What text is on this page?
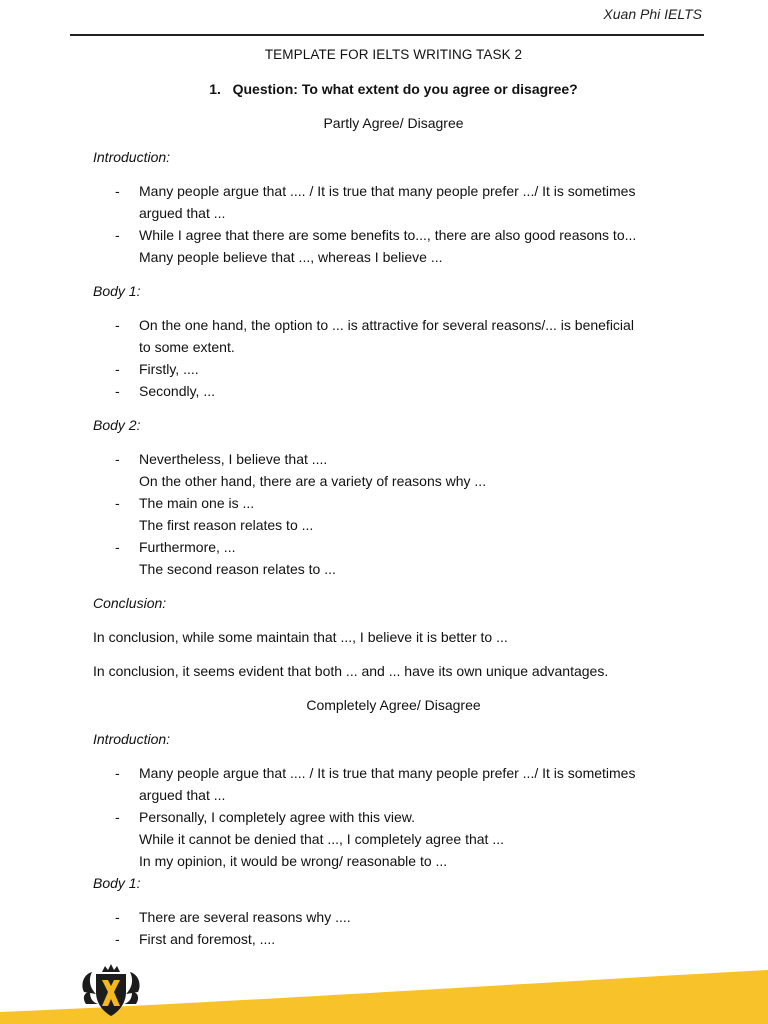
Xuan Phi IELTS
TEMPLATE FOR IELTS WRITING TASK 2
1. Question: To what extent do you agree or disagree?
Partly Agree/ Disagree
Introduction:
- Many people argue that .... / It is true that many people prefer .../ It is sometimes
argued that ...
- While I agree that there are some benefits to..., there are also good reasons to...
Many people believe that ..., whereas I believe ...
Body 1:
- On the one hand, the option to ... is attractive for several reasons/... is beneficial
to some extent.
- Firstly, ....
- Secondly, ...
Body 2:
- Nevertheless, I believe that ....
On the other hand, there are a variety of reasons why ...
- The main one is ...
The first reason relates to ...
- Furthermore, ...
The second reason relates to ...
Conclusion:
In conclusion, while some maintain that ..., I believe it is better to ...
In conclusion, it seems evident that both ... and ... have its own unique advantages.
Completely Agree/ Disagree
Introduction:
- Many people argue that .... / It is true that many people prefer .../ It is sometimes
argued that ...
- Personally, I completely agree with this view.
While it cannot be denied that ..., I completely agree that ...
In my opinion, it would be wrong/ reasonable to ...
Body 1:
- There are several reasons why ....
- First and foremost, ....
